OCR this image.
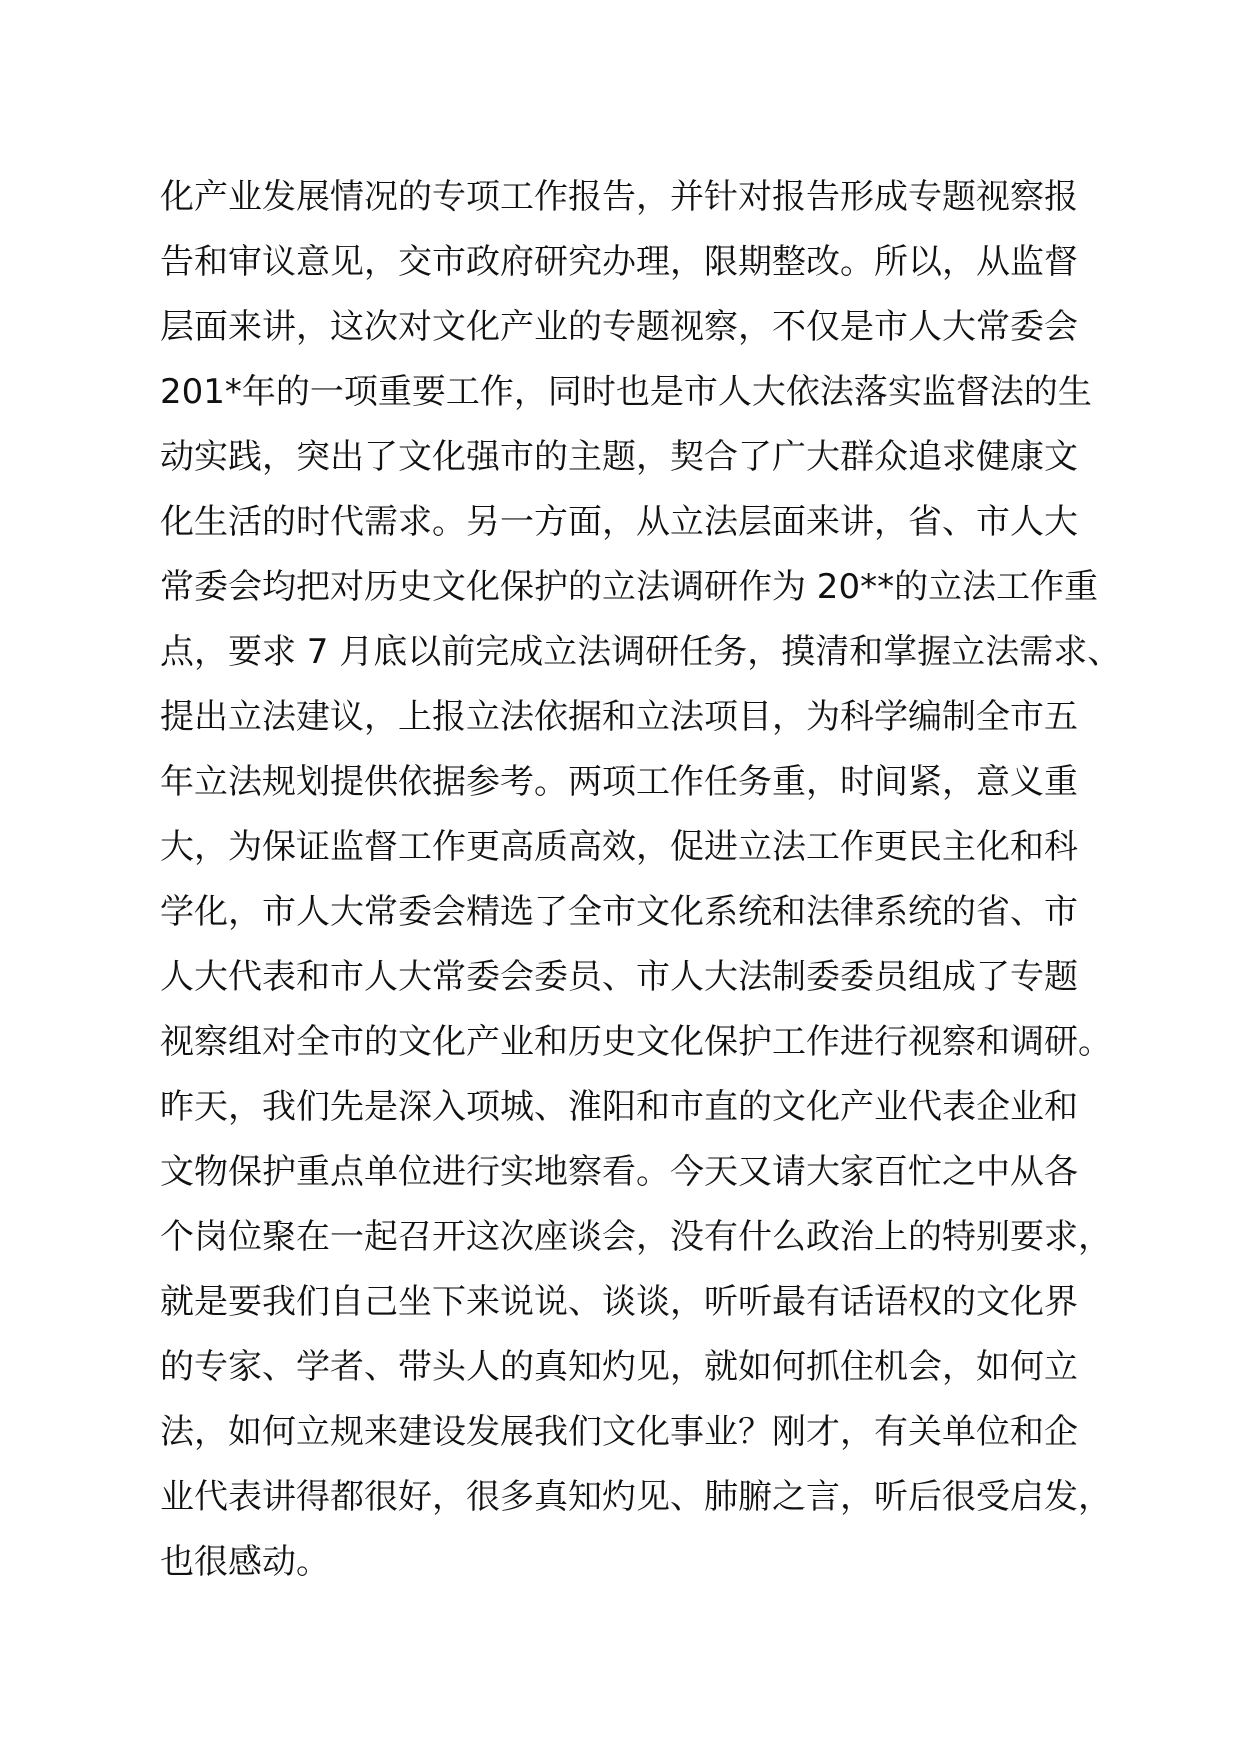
化产业发展情况的专项工作报告，并针对报告形成专题视察报
告和审议意见，交市政府研究办理，限期整改。所以，从监督
层面来讲，这次对文化产业的专题视察，不仅是市人大常委会
201*年的一项重要工作，同时也是市人大依法落实监督法的生
动实践，突出了文化强市的主题，契合了广大群众追求健康文
化生活的时代需求。另一方面，从立法层面来讲，省、市人大
常委会均把对历史文化保护的立法调研作为 20**的立法工作重
点，要求 7 月底以前完成立法调研任务，摸清和掌握立法需求、
提出立法建议，上报立法依据和立法项目，为科学编制全市五
年立法规划提供依据参考。两项工作任务重，时间紧，意义重
大，为保证监督工作更高质高效，促进立法工作更民主化和科
学化，市人大常委会精选了全市文化系统和法律系统的省、市
人大代表和市人大常委会委员、市人大法制委委员组成了专题
视察组对全市的文化产业和历史文化保护工作进行视察和调研。
昨天，我们先是深入项城、淮阳和市直的文化产业代表企业和
文物保护重点单位进行实地察看。今天又请大家百忙之中从各
个岗位聚在一起召开这次座谈会，没有什么政治上的特别要求，
就是要我们自己坐下来说说、谈谈，听听最有话语权的文化界
的专家、学者、带头人的真知灼见，就如何抓住机会，如何立
法，如何立规来建设发展我们文化事业？刚才，有关单位和企
业代表讲得都很好，很多真知灼见、肺腑之言，听后很受启发，
也很感动。
